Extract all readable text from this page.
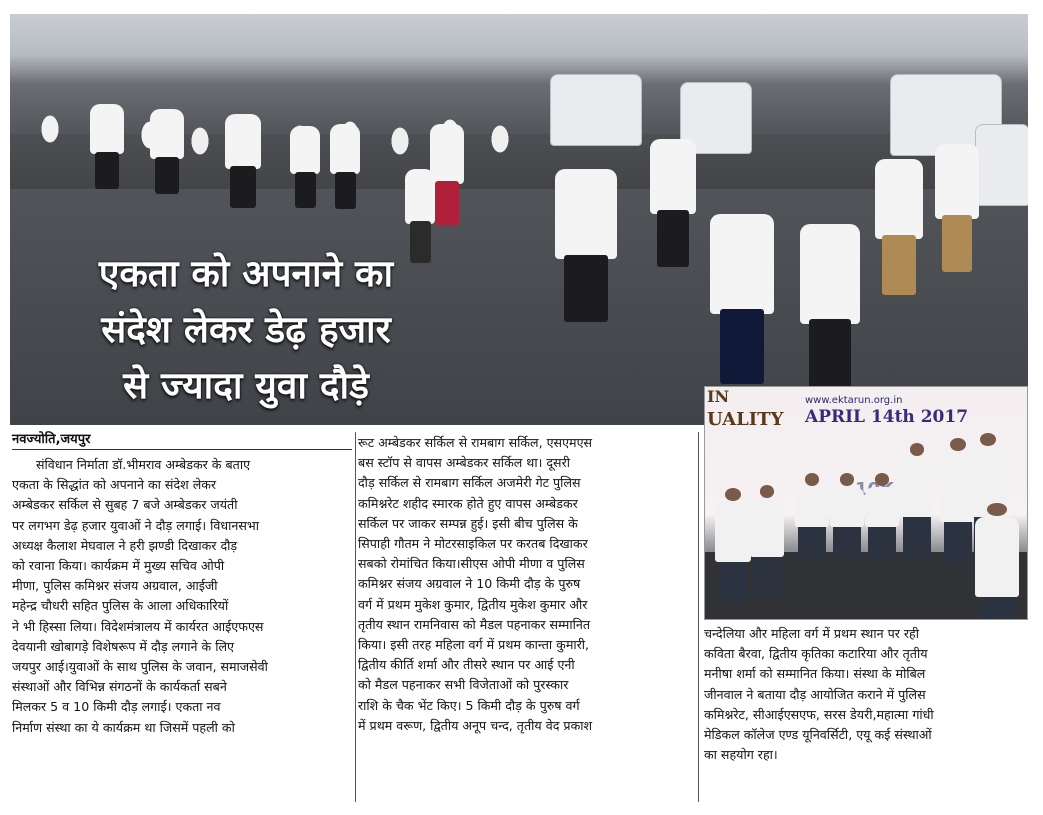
एकता को अपनाने का
संदेश लेकर डेढ़ हजार
से ज्यादा युवा दौड़े	IN
UALITY
www.ektarun.org.in
APRIL 14th 2017

नवज्योति,जयपुर

संविधान निर्माता डॉ.भीमराव अम्बेडकर के बताए
एकता के सिद्धांत को अपनाने का संदेश लेकर
अम्बेडकर सर्किल से सुबह 7 बजे अम्बेडकर जयंती
पर लगभग डेढ़ हजार युवाओं ने दौड़ लगाई। विधानसभा
अध्यक्ष कैलाश मेघवाल ने हरी झण्डी दिखाकर दौड़
को रवाना किया। कार्यक्रम में मुख्य सचिव ओपी
मीणा, पुलिस कमिश्नर संजय अग्रवाल, आईजी
महेन्द्र चौधरी सहित पुलिस के आला अधिकारियों
ने भी हिस्सा लिया। विदेशमंत्रालय में कार्यरत आईएफएस
देवयानी खोबागड़े विशेषरूप में दौड़ लगाने के लिए
जयपुर आई।युवाओं के साथ पुलिस के जवान, समाजसेवी
संस्थाओं और विभिन्न संगठनों के कार्यकर्ता सबने
मिलकर 5 व 10 किमी दौड़ लगाई। एकता नव
निर्माण संस्था का ये कार्यक्रम था जिसमें पहली को

रूट अम्बेडकर सर्किल से रामबाग सर्किल, एसएमएस
बस स्टॉप से वापस अम्बेडकर सर्किल था। दूसरी
दौड़ सर्किल से रामबाग सर्किल अजमेरी गेट पुलिस
कमिश्नरेट शहीद स्मारक होते हुए वापस अम्बेडकर
सर्किल पर जाकर सम्पन्न हुई। इसी बीच पुलिस के
सिपाही गौतम ने मोटरसाइकिल पर करतब दिखाकर
सबको रोमांचित किया।सीएस ओपी मीणा व पुलिस
कमिश्नर संजय अग्रवाल ने 10 किमी दौड़ के पुरुष
वर्ग में प्रथम मुकेश कुमार, द्वितीय मुकेश कुमार और
तृतीय स्थान रामनिवास को मैडल पहनाकर सम्मानित
किया। इसी तरह महिला वर्ग में प्रथम कान्ता कुमारी,
द्वितीय कीर्ति शर्मा और तीसरे स्थान पर आई एनी
को मैडल पहनाकर सभी विजेताओं को पुरस्कार
राशि के चैक भेंट किए। 5 किमी दौड़ के पुरुष वर्ग
में प्रथम वरूण, द्वितीय अनूप चन्द, तृतीय वेद प्रकाश

चन्देलिया और महिला वर्ग में प्रथम स्थान पर रही
कविता बैरवा, द्वितीय कृतिका कटारिया और तृतीय
मनीषा शर्मा को सम्मानित किया। संस्था के मोबिल
जीनवाल ने बताया दौड़ आयोजित कराने में पुलिस
कमिश्नरेट, सीआईएसएफ, सरस डेयरी,महात्मा गांधी
मेडिकल कॉलेज एण्ड यूनिवर्सिटी, एयू कई संस्थाओं
का सहयोग रहा।
